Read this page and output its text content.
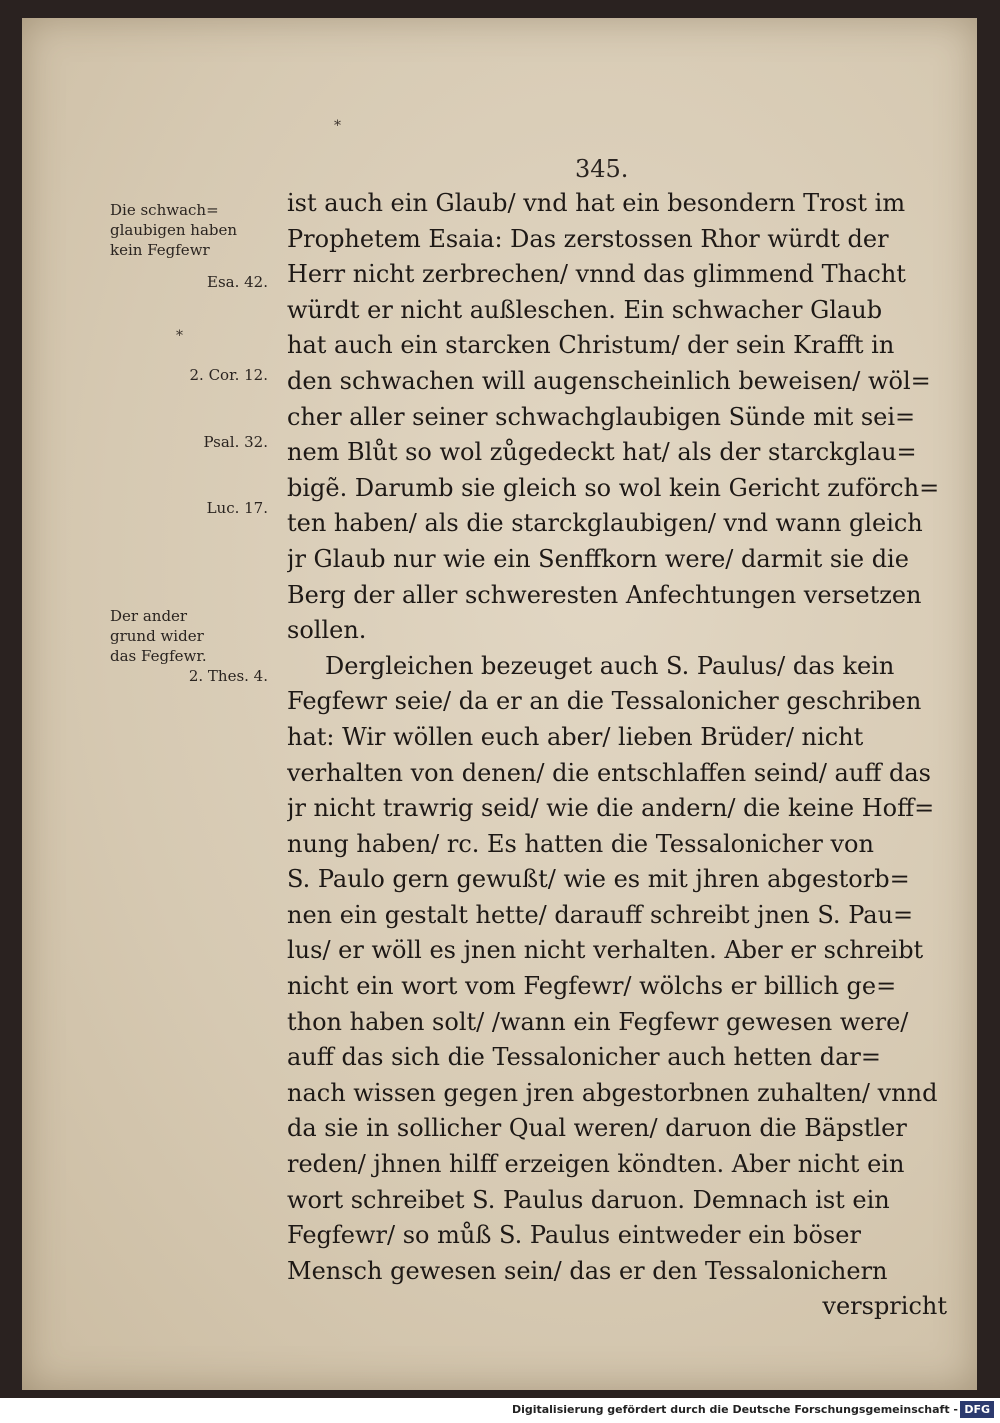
*
*
345.
Die schwach=
glaubigen haben
kein Fegfewr
Esa. 42.
2. Cor. 12.
Psal. 32.
Luc. 17.
Der ander
grund wider
das Fegfewr.
2. Thes. 4.
ist auch ein Glaub/ vnd hat ein besondern Trost im
Prophetem Esaia: Das zerstossen Rhor würdt der
Herr nicht zerbrechen/ vnnd das glimmend Thacht
würdt er nicht außleschen. Ein schwacher Glaub
hat auch ein starcken Christum/ der sein Krafft in
den schwachen will augenscheinlich beweisen/ wöl=
cher aller seiner schwachglaubigen Sünde mit sei=
nem Blůt so wol zůgedeckt hat/ als der starckglau=
bigẽ. Darumb sie gleich so wol kein Gericht zuförch=
ten haben/ als die starckglaubigen/ vnd wann gleich
jr Glaub nur wie ein Senffkorn were/ darmit sie die
Berg der aller schweresten Anfechtungen versetzen
sollen.
Dergleichen bezeuget auch S. Paulus/ das kein
Fegfewr seie/ da er an die Tessalonicher geschriben
hat: Wir wöllen euch aber/ lieben Brüder/ nicht
verhalten von denen/ die entschlaffen seind/ auff das
jr nicht trawrig seid/ wie die andern/ die keine Hoff=
nung haben/ rc. Es hatten die Tessalonicher von
S. Paulo gern gewußt/ wie es mit jhren abgestorb=
nen ein gestalt hette/ darauff schreibt jnen S. Pau=
lus/ er wöll es jnen nicht verhalten. Aber er schreibt
nicht ein wort vom Fegfewr/ wölchs er billich ge=
thon haben solt/ /wann ein Fegfewr gewesen were/
auff das sich die Tessalonicher auch hetten dar=
nach wissen gegen jren abgestorbnen zuhalten/ vnnd
da sie in sollicher Qual weren/ daruon die Bäpstler
reden/ jhnen hilff erzeigen köndten. Aber nicht ein
wort schreibet S. Paulus daruon. Demnach ist ein
Fegfewr/ so můß S. Paulus eintweder ein böser
Mensch gewesen sein/ das er den Tessalonichern
verspricht
Digitalisierung gefördert durch die Deutsche Forschungsgemeinschaft - DFG
